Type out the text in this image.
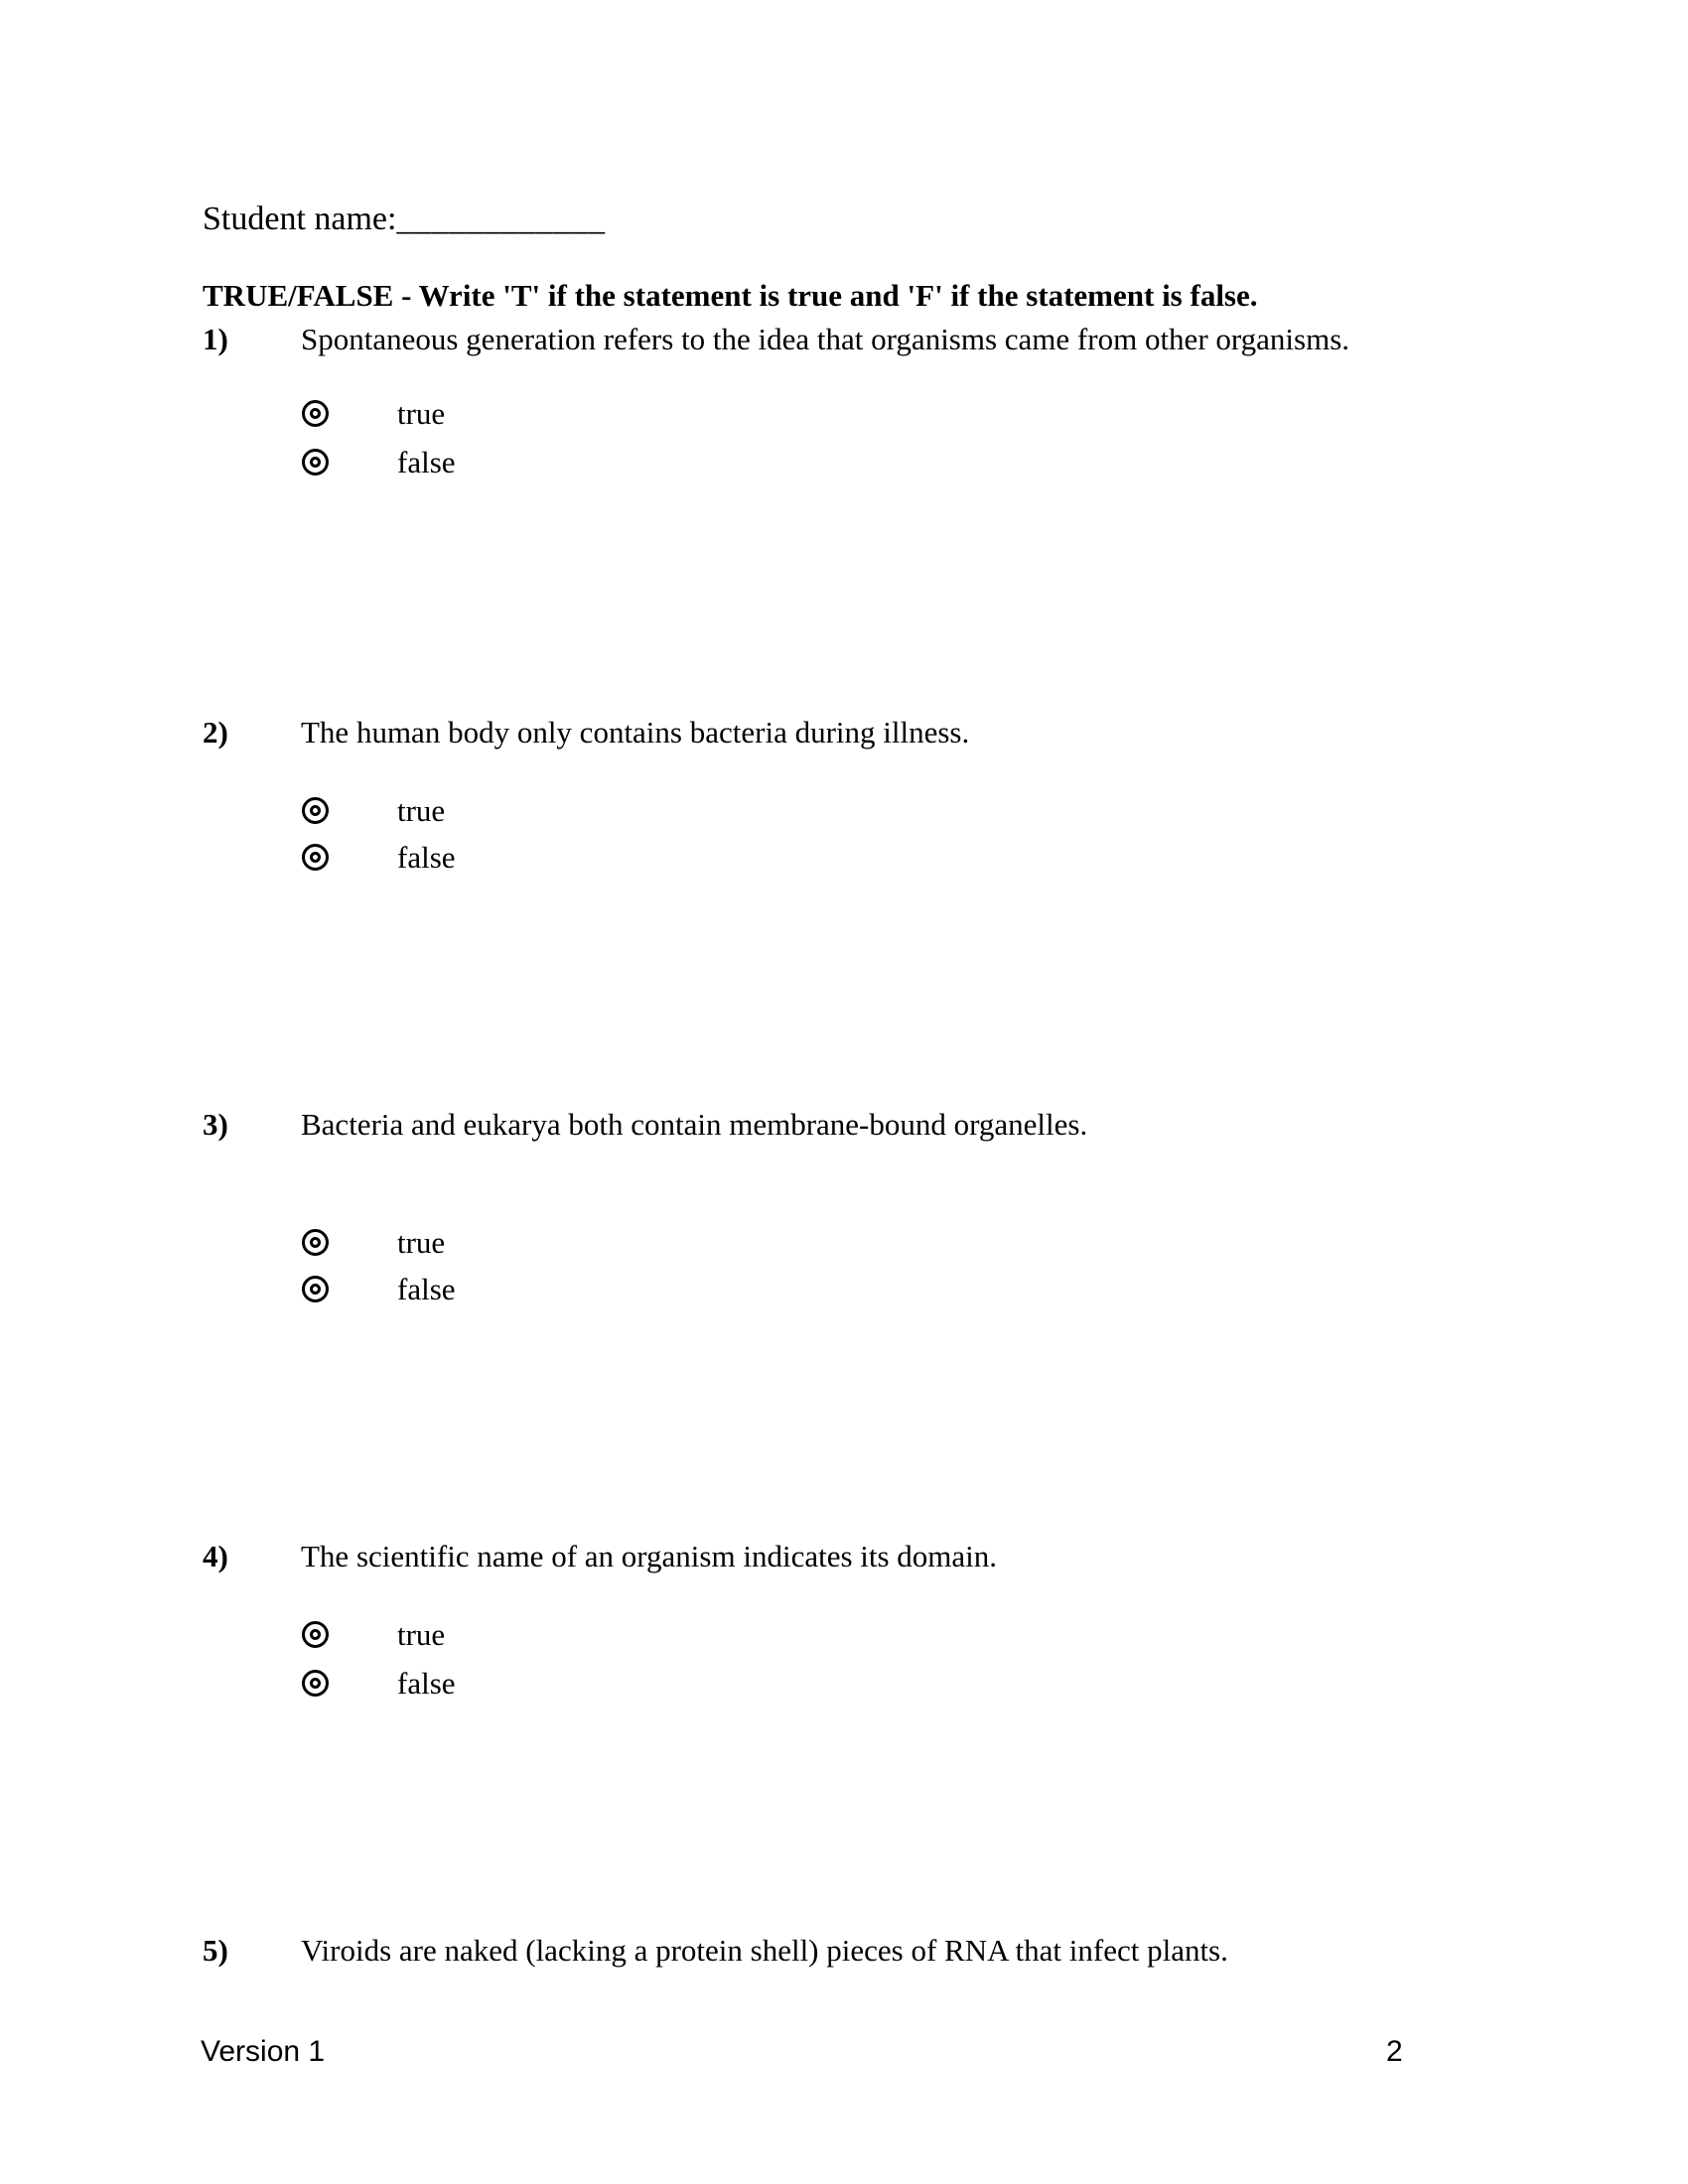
Student name:____________
TRUE/FALSE - Write 'T' if the statement is true and 'F' if the statement is false.
1) Spontaneous generation refers to the idea that organisms came from other organisms.
true
false
2) The human body only contains bacteria during illness.
true
false
3) Bacteria and eukarya both contain membrane-bound organelles.
true
false
4) The scientific name of an organism indicates its domain.
true
false
5) Viroids are naked (lacking a protein shell) pieces of RNA that infect plants.
Version 1	2
